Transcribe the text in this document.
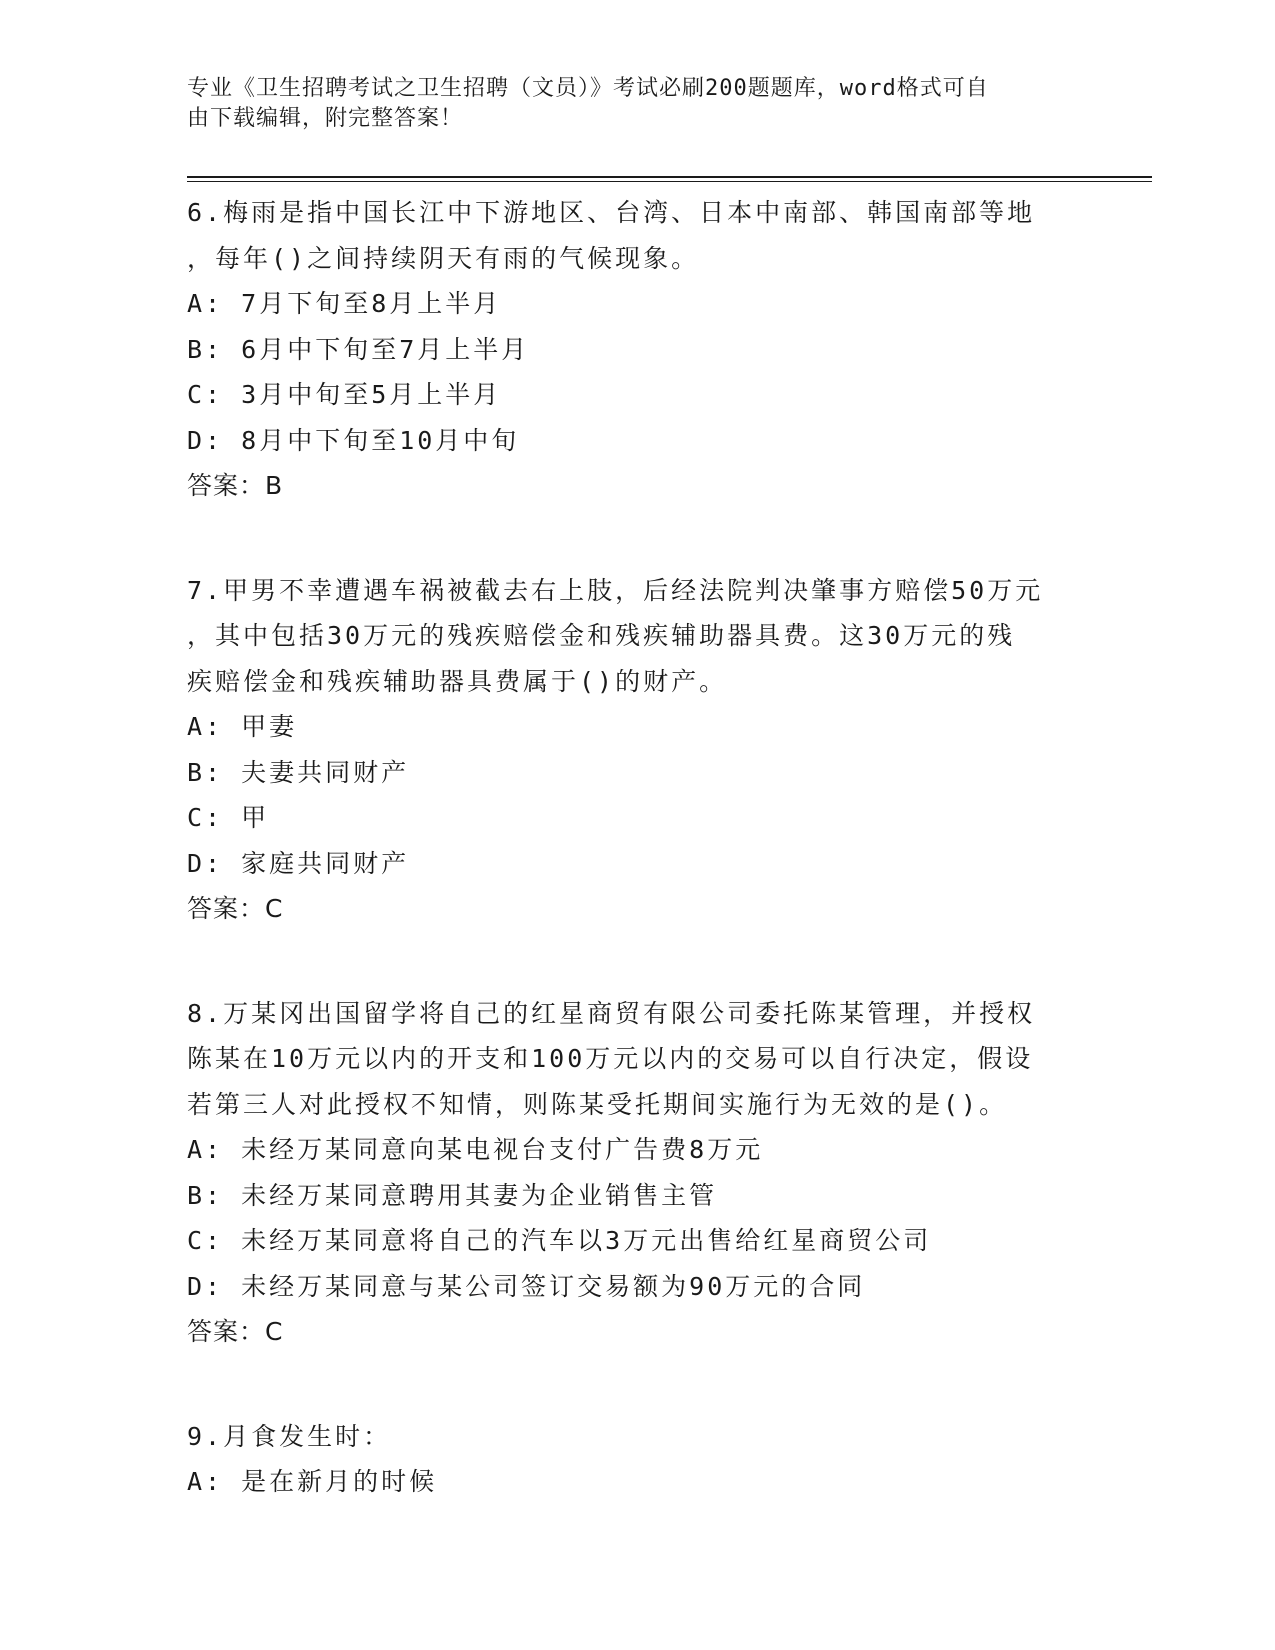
专业《卫生招聘考试之卫生招聘（文员）》考试必刷200题题库，word格式可自
由下载编辑，附完整答案！
6.梅雨是指中国长江中下游地区、台湾、日本中南部、韩国南部等地
，每年()之间持续阴天有雨的气候现象。
A: 7月下旬至8月上半月
B: 6月中下旬至7月上半月
C: 3月中旬至5月上半月
D: 8月中下旬至10月中旬
答案：B
7.甲男不幸遭遇车祸被截去右上肢，后经法院判决肇事方赔偿50万元
，其中包括30万元的残疾赔偿金和残疾辅助器具费。这30万元的残
疾赔偿金和残疾辅助器具费属于()的财产。
A: 甲妻
B: 夫妻共同财产
C: 甲
D: 家庭共同财产
答案：C
8.万某冈出国留学将自己的红星商贸有限公司委托陈某管理，并授权
陈某在10万元以内的开支和100万元以内的交易可以自行决定，假设
若第三人对此授权不知情，则陈某受托期间实施行为无效的是()。
A: 未经万某同意向某电视台支付广告费8万元
B: 未经万某同意聘用其妻为企业销售主管
C: 未经万某同意将自己的汽车以3万元出售给红星商贸公司
D: 未经万某同意与某公司签订交易额为90万元的合同
答案：C
9.月食发生时：
A: 是在新月的时候
